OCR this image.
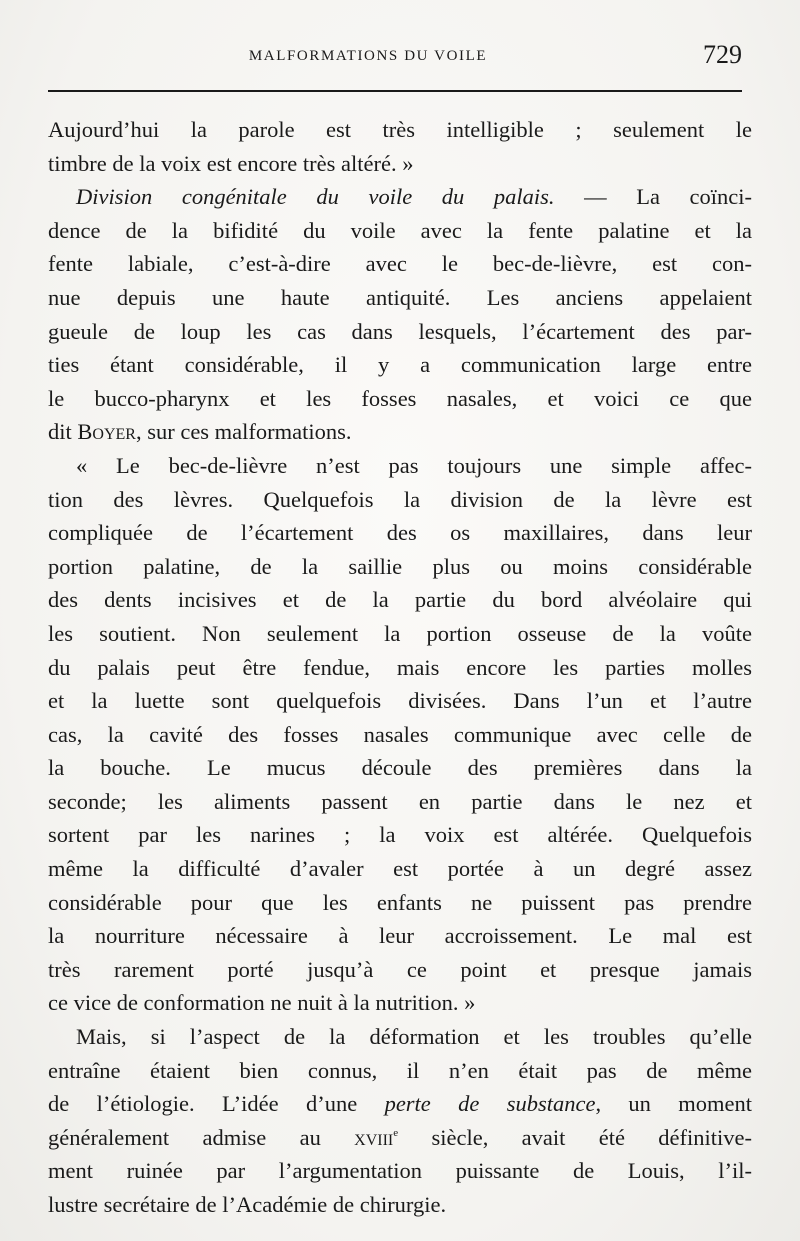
MALFORMATIONS DU VOILE	729
Aujourd’hui la parole est très intelligible ; seulement le
timbre de la voix est encore très altéré. »
Division congénitale du voile du palais. — La coïnci-
dence de la bifidité du voile avec la fente palatine et la
fente labiale, c’est-à-dire avec le bec-de-lièvre, est con-
nue depuis une haute antiquité. Les anciens appelaient
gueule de loup les cas dans lesquels, l’écartement des par-
ties étant considérable, il y a communication large entre
le bucco-pharynx et les fosses nasales, et voici ce que
dit Boyer, sur ces malformations.
« Le bec-de-lièvre n’est pas toujours une simple affec-
tion des lèvres. Quelquefois la division de la lèvre est
compliquée de l’écartement des os maxillaires, dans leur
portion palatine, de la saillie plus ou moins considérable
des dents incisives et de la partie du bord alvéolaire qui
les soutient. Non seulement la portion osseuse de la voûte
du palais peut être fendue, mais encore les parties molles
et la luette sont quelquefois divisées. Dans l’un et l’autre
cas, la cavité des fosses nasales communique avec celle de
la bouche. Le mucus découle des premières dans la
seconde; les aliments passent en partie dans le nez et
sortent par les narines ; la voix est altérée. Quelquefois
même la difficulté d’avaler est portée à un degré assez
considérable pour que les enfants ne puissent pas prendre
la nourriture nécessaire à leur accroissement. Le mal est
très rarement porté jusqu’à ce point et presque jamais
ce vice de conformation ne nuit à la nutrition. »
Mais, si l’aspect de la déformation et les troubles qu’elle
entraîne étaient bien connus, il n’en était pas de même
de l’étiologie. L’idée d’une perte de substance, un moment
généralement admise au xviii$^e$ siècle, avait été définitive-
ment ruinée par l’argumentation puissante de Louis, l’il-
lustre secrétaire de l’Académie de chirurgie.
